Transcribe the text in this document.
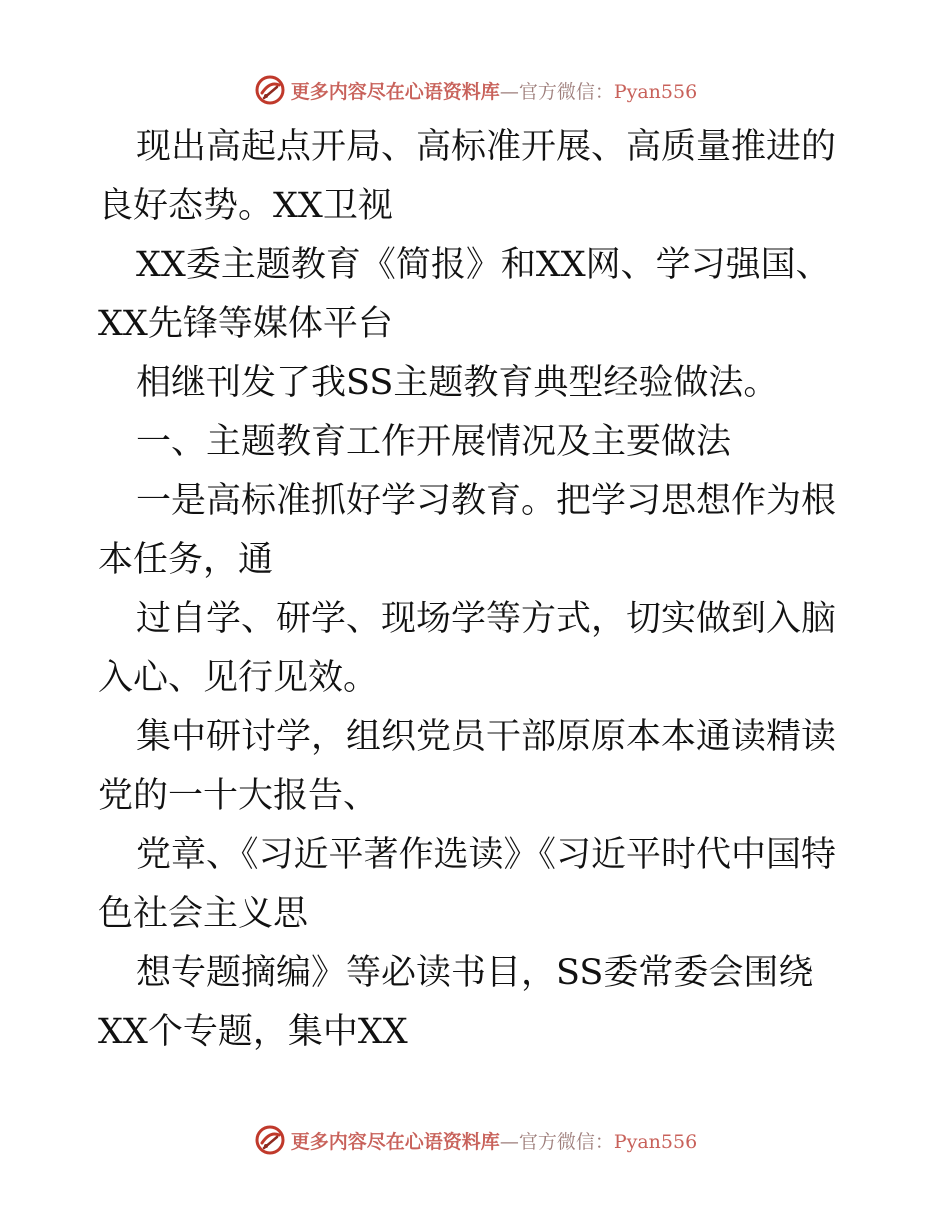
更多内容尽在心语资料库—官方微信：Pyan556

现出高起点开局、高标准开展、高质量推进的良好态势。XX卫视

XX委主题教育《简报》和XX网、学习强国、XX先锋等媒体平台

相继刊发了我SS主题教育典型经验做法。

一、主题教育工作开展情况及主要做法

一是高标准抓好学习教育。把学习思想作为根本任务，通

过自学、研学、现场学等方式，切实做到入脑入心、见行见效。

集中研讨学，组织党员干部原原本本通读精读党的一十大报告、

党章、《习近平著作选读》《习近平时代中国特色社会主义思

想专题摘编》等必读书目，SS委常委会围绕XX个专题，集中XX

更多内容尽在心语资料库—官方微信：Pyan556
